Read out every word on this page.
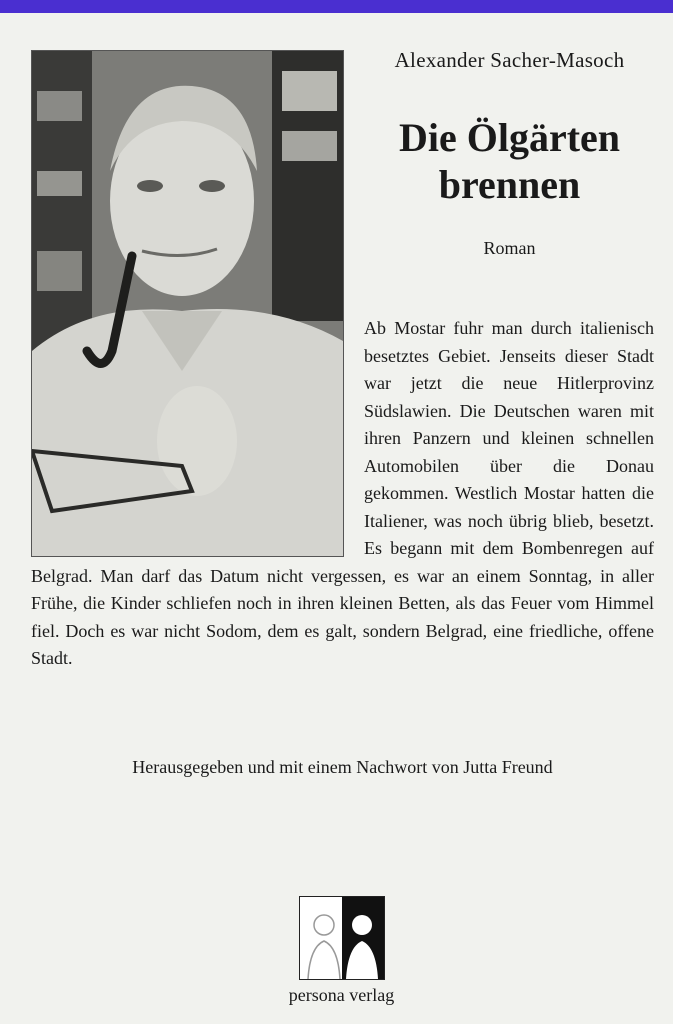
Alexander Sacher-Masoch
Die Ölgärten
brennen
Roman
Ab Mostar fuhr man durch italienisch besetztes Gebiet. Jenseits dieser Stadt war jetzt die neue Hitlerprovinz Südslawien. Die Deutschen waren mit ihren Panzern und kleinen schnellen Automobilen über die Donau gekommen. Westlich Mostar hatten die Italiener, was noch übrig blieb, besetzt. Es begann mit dem Bombenregen auf Belgrad. Man darf das Datum nicht vergessen, es war an einem Sonntag, in aller Frühe, die Kinder schliefen noch in ihren kleinen Betten, als das Feuer vom Himmel fiel. Doch es war nicht Sodom, dem es galt, sondern Belgrad, eine friedliche, offene Stadt.
Herausgegeben und mit einem Nachwort von Jutta Freund
persona verlag
